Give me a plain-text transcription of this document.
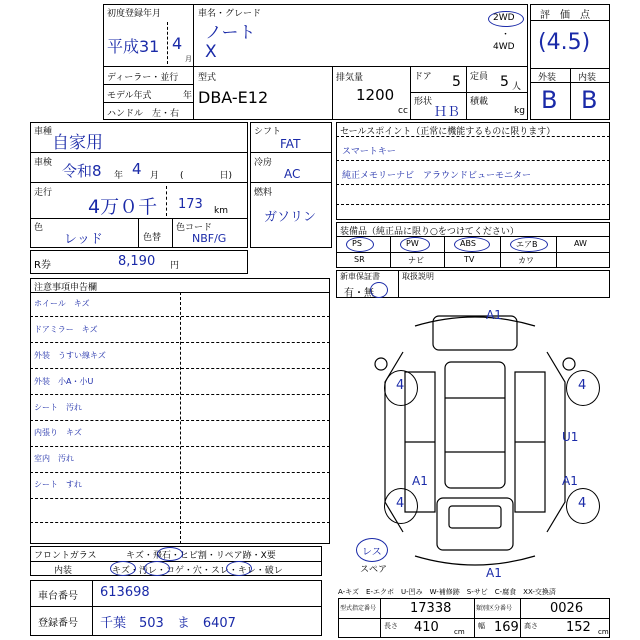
初度登録年月
平成31 4
月
車名・グレード
ノート
X
2WD
・
4WD
ディーラー・並行
モデル年式	年
ハンドル　左・右
型式
DBA-E12
排気量
1200
cc
ドア 5 定員 5 人
形状
ＨＢ
積載
kg
評　価　点
(4.5)
外装 内装
B B
車種
自家用
車検 令和8 年 4 月 (　　　　日)
走行
4万０千 173 km
色
レッド	色替
色コード
NBF/G
シフト
FAT
冷房
AC
燃料
ガソリン
R券	8,190 円
セールスポイント（正常に機能するものに限ります）
スマートキー
純正メモリーナビ　アラウンドビューモニター
装備品（純正品に限り○をつけてください）
PS	PW	ABS	エアB	AW
SR	ナビ	TV	カワ
新車保証書	取扱説明
有・無
注意事項申告欄
ホイール　キズ
ドアミラー　キズ
外装　うすい線キズ
外装　小A・小U
シート　汚れ
内張り　キズ
室内　汚れ
シート　すれ
フロントガラス	キズ・飛石・ヒビ割・リペア跡・X要
内装	キズ・汚レ・コゲ・穴・スレ・キレ・破レ
車台番号 613698
登録番号 千葉　503　ま　6407
4	4
4	4
A1
A1
A1	A1
U1
レス
スペア
A-キズ　E-エクボ　U-凹み　W-補修跡　S-サビ　C-腐食　XX-交換済
型式指定番号	17338	類別区分番号	0026
長さ 410 cm
幅 169 高さ 152 cm
